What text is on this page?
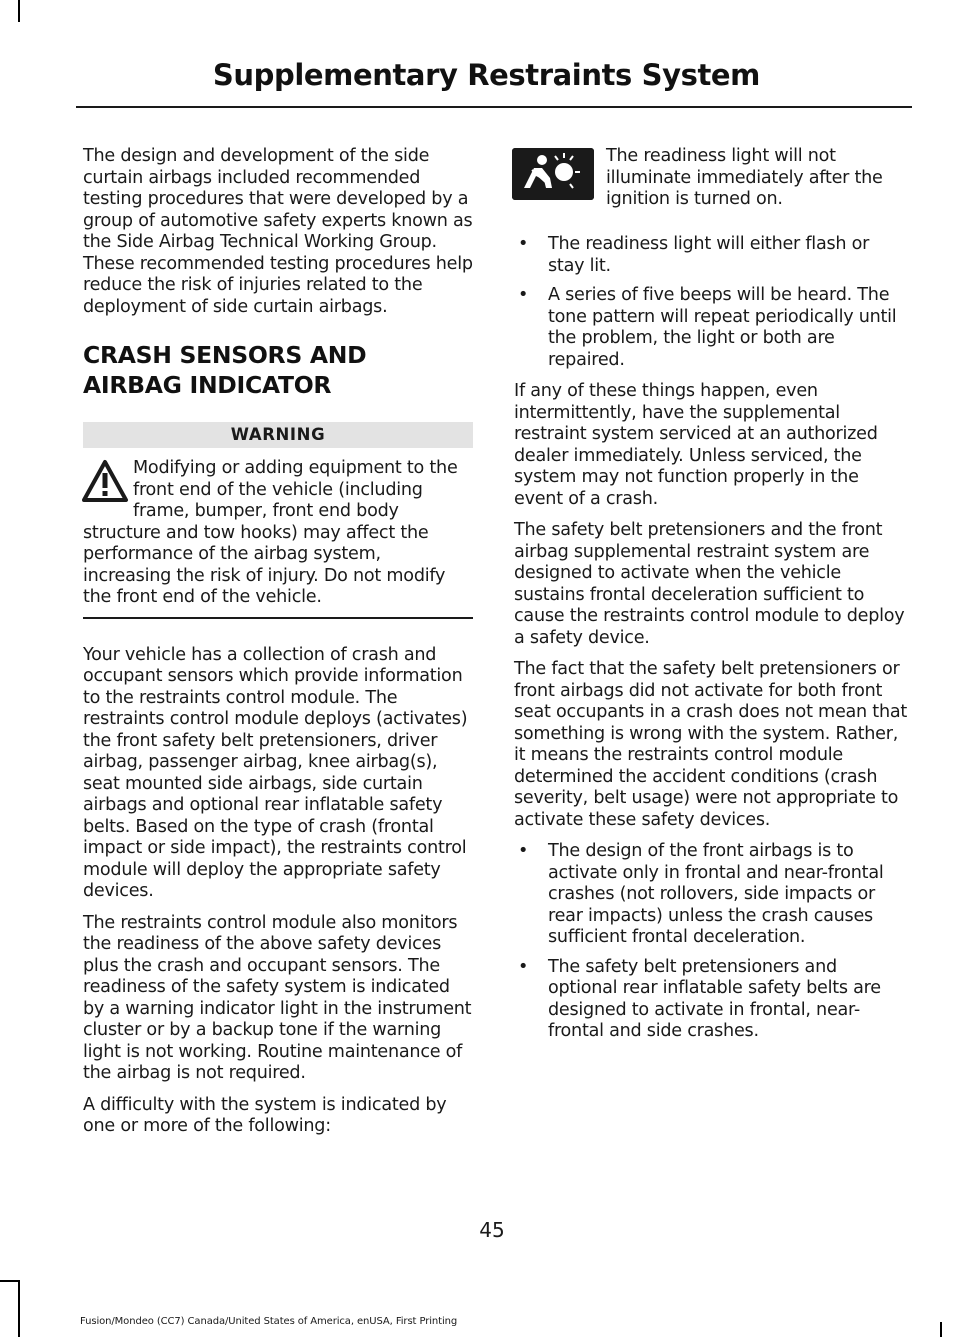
Supplementary Restraints System

The design and development of the side curtain airbags included recommended testing procedures that were developed by a group of automotive safety experts known as the Side Airbag Technical Working Group. These recommended testing procedures help reduce the risk of injuries related to the deployment of side curtain airbags.

CRASH SENSORS AND
AIRBAG INDICATOR
WARNING

Modifying or adding equipment to the front end of the vehicle (including frame, bumper, front end body structure and tow hooks) may affect the performance of the airbag system, increasing the risk of injury. Do not modify the front end of the vehicle.

Your vehicle has a collection of crash and occupant sensors which provide information to the restraints control module. The restraints control module deploys (activates) the front safety belt pretensioners, driver airbag, passenger airbag, knee airbag(s), seat mounted side airbags, side curtain airbags and optional rear inflatable safety belts. Based on the type of crash (frontal impact or side impact), the restraints control module will deploy the appropriate safety devices.

The restraints control module also monitors the readiness of the above safety devices plus the crash and occupant sensors. The readiness of the safety system is indicated by a warning indicator light in the instrument cluster or by a backup tone if the warning light is not working. Routine maintenance of the airbag is not required.

A difficulty with the system is indicated by one or more of the following:

The readiness light will not illuminate immediately after the ignition is turned on.

• The readiness light will either flash or stay lit.
• A series of five beeps will be heard. The tone pattern will repeat periodically until the problem, the light or both are repaired.

If any of these things happen, even intermittently, have the supplemental restraint system serviced at an authorized dealer immediately. Unless serviced, the system may not function properly in the event of a crash.

The safety belt pretensioners and the front airbag supplemental restraint system are designed to activate when the vehicle sustains frontal deceleration sufficient to cause the restraints control module to deploy a safety device.

The fact that the safety belt pretensioners or front airbags did not activate for both front seat occupants in a crash does not mean that something is wrong with the system. Rather, it means the restraints control module determined the accident conditions (crash severity, belt usage) were not appropriate to activate these safety devices.

• The design of the front airbags is to activate only in frontal and near-frontal crashes (not rollovers, side impacts or rear impacts) unless the crash causes sufficient frontal deceleration.
• The safety belt pretensioners and optional rear inflatable safety belts are designed to activate in frontal, near-frontal and side crashes.
45
Fusion/Mondeo (CC7) Canada/United States of America, enUSA, First Printing
